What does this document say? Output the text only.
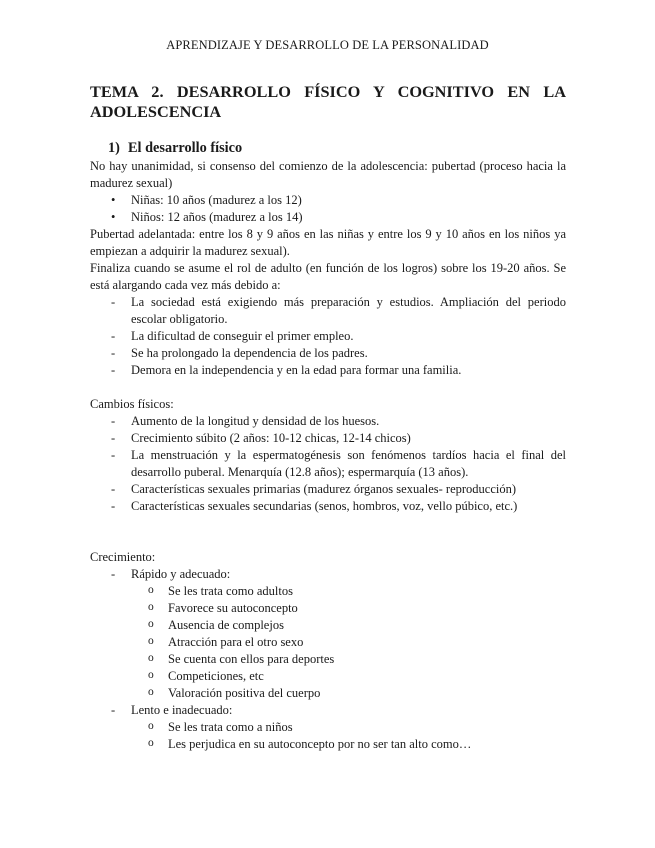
APRENDIZAJE Y DESARROLLO DE LA PERSONALIDAD
TEMA 2. DESARROLLO FÍSICO Y COGNITIVO EN LA
ADOLESCENCIA
1) El desarrollo físico

No hay unanimidad, si consenso del comienzo de la adolescencia: pubertad (proceso hacia la madurez sexual)

• Niñas: 10 años (madurez a los 12)
• Niños: 12 años (madurez a los 14)

Pubertad adelantada: entre los 8 y 9 años en las niñas y entre los 9 y 10 años en los niños ya empiezan a adquirir la madurez sexual).

Finaliza cuando se asume el rol de adulto (en función de los logros) sobre los 19-20 años. Se está alargando cada vez más debido a:

- La sociedad está exigiendo más preparación y estudios. Ampliación del periodo escolar obligatorio.
- La dificultad de conseguir el primer empleo.
- Se ha prolongado la dependencia de los padres.
- Demora en la independencia y en la edad para formar una familia.

Cambios físicos:

- Aumento de la longitud y densidad de los huesos.
- Crecimiento súbito (2 años: 10-12 chicas, 12-14 chicos)
- La menstruación y la espermatogénesis son fenómenos tardíos hacia el final del desarrollo puberal. Menarquía (12.8 años); espermarquía (13 años).
- Características sexuales primarias (madurez órganos sexuales- reproducción)
- Características sexuales secundarias (senos, hombros, voz, vello púbico, etc.)

Crecimiento:

- Rápido y adecuado:
o Se les trata como adultos
o Favorece su autoconcepto
o Ausencia de complejos
o Atracción para el otro sexo
o Se cuenta con ellos para deportes
o Competiciones, etc
o Valoración positiva del cuerpo
- Lento e inadecuado:
o Se les trata como a niños
o Les perjudica en su autoconcepto por no ser tan alto como…
